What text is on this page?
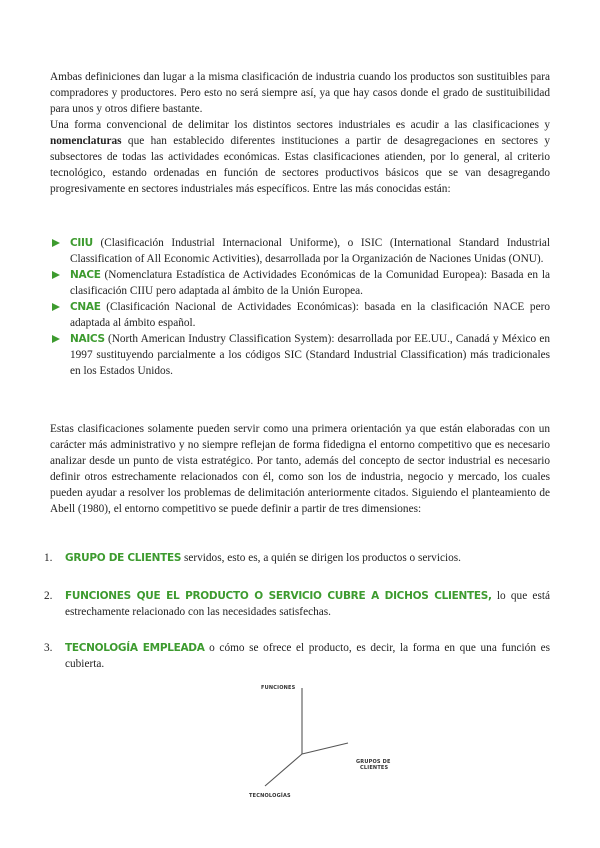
Ambas definiciones dan lugar a la misma clasificación de industria cuando los productos son sustituibles para compradores y productores. Pero esto no será siempre así, ya que hay casos donde el grado de sustituibilidad para unos y otros difiere bastante.

Una forma convencional de delimitar los distintos sectores industriales es acudir a las clasificaciones y nomenclaturas que han establecido diferentes instituciones a partir de desagregaciones en sectores y subsectores de todas las actividades económicas. Estas clasificaciones atienden, por lo general, al criterio tecnológico, estando ordenadas en función de sectores productivos básicos que se van desagregando progresivamente en sectores industriales más específicos. Entre las más conocidas están:

CIIU (Clasificación Industrial Internacional Uniforme), o ISIC (International Standard Industrial Classification of All Economic Activities), desarrollada por la Organización de Naciones Unidas (ONU).
NACE (Nomenclatura Estadística de Actividades Económicas de la Comunidad Europea): Basada en la clasificación CIIU pero adaptada al ámbito de la Unión Europea.
CNAE (Clasificación Nacional de Actividades Económicas): basada en la clasificación NACE pero adaptada al ámbito español.
NAICS (North American Industry Classification System): desarrollada por EE.UU., Canadá y México en 1997 sustituyendo parcialmente a los códigos SIC (Standard Industrial Classification) más tradicionales en los Estados Unidos.

Estas clasificaciones solamente pueden servir como una primera orientación ya que están elaboradas con un carácter más administrativo y no siempre reflejan de forma fidedigna el entorno competitivo que es necesario analizar desde un punto de vista estratégico. Por tanto, además del concepto de sector industrial es necesario definir otros estrechamente relacionados con él, como son los de industria, negocio y mercado, los cuales pueden ayudar a resolver los problemas de delimitación anteriormente citados. Siguiendo el planteamiento de Abell (1980), el entorno competitivo se puede definir a partir de tres dimensiones:

1. GRUPO DE CLIENTES servidos, esto es, a quién se dirigen los productos o servicios.
2. FUNCIONES QUE EL PRODUCTO O SERVICIO CUBRE A DICHOS CLIENTES, lo que está estrechamente relacionado con las necesidades satisfechas.
3. TECNOLOGÍA EMPLEADA o cómo se ofrece el producto, es decir, la forma en que una función es cubierta.
FUNCIONES
GRUPOS DE
CLIENTES
TECNOLOGÍAS
